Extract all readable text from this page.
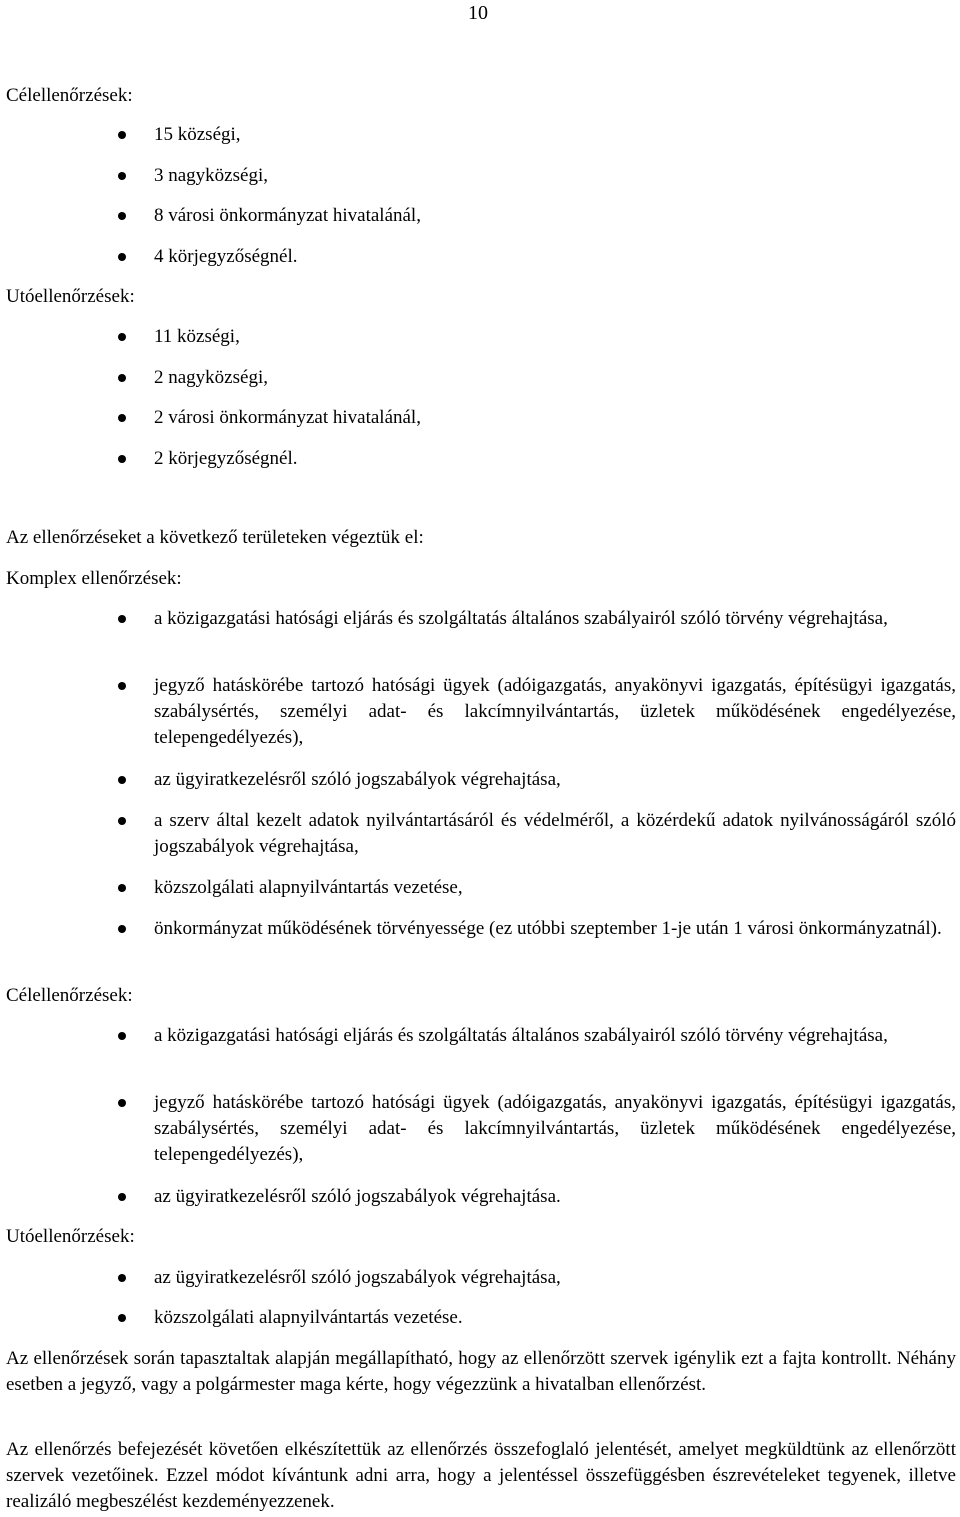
10
Célellenőrzések:
15 községi,
3 nagyközségi,
8 városi önkormányzat hivatalánál,
4 körjegyzőségnél.
Utóellenőrzések:
11 községi,
2 nagyközségi,
2 városi önkormányzat hivatalánál,
2 körjegyzőségnél.
Az ellenőrzéseket a következő területeken végeztük el:
Komplex ellenőrzések:
a közigazgatási hatósági eljárás és szolgáltatás általános szabályairól szóló törvény végrehajtása,
jegyző hatáskörébe tartozó hatósági ügyek (adóigazgatás, anyakönyvi igazgatás, építésügyi igazgatás, szabálysértés, személyi adat- és lakcímnyilvántartás, üzletek működésének engedélyezése, telepengedélyezés),
az ügyiratkezelésről szóló jogszabályok végrehajtása,
a szerv által kezelt adatok nyilvántartásáról és védelméről, a közérdekű adatok nyilvánosságáról szóló jogszabályok végrehajtása,
közszolgálati alapnyilvántartás vezetése,
önkormányzat működésének törvényessége (ez utóbbi szeptember 1-je után 1 városi önkormányzatnál).
Célellenőrzések:
a közigazgatási hatósági eljárás és szolgáltatás általános szabályairól szóló törvény végrehajtása,
jegyző hatáskörébe tartozó hatósági ügyek (adóigazgatás, anyakönyvi igazgatás, építésügyi igazgatás, szabálysértés, személyi adat- és lakcímnyilvántartás, üzletek működésének engedélyezése, telepengedélyezés),
az ügyiratkezelésről szóló jogszabályok végrehajtása.
Utóellenőrzések:
az ügyiratkezelésről szóló jogszabályok végrehajtása,
közszolgálati alapnyilvántartás vezetése.
Az ellenőrzések során tapasztaltak alapján megállapítható, hogy az ellenőrzött szervek igénylik ezt a fajta kontrollt. Néhány esetben a jegyző, vagy a polgármester maga kérte, hogy végezzünk a hivatalban ellenőrzést.
Az ellenőrzés befejezését követően elkészítettük az ellenőrzés összefoglaló jelentését, amelyet megküldtünk az ellenőrzött szervek vezetőinek. Ezzel módot kívántunk adni arra, hogy a jelentéssel összefüggésben észrevételeket tegyenek, illetve realizáló megbeszélést kezdeményezzenek.
